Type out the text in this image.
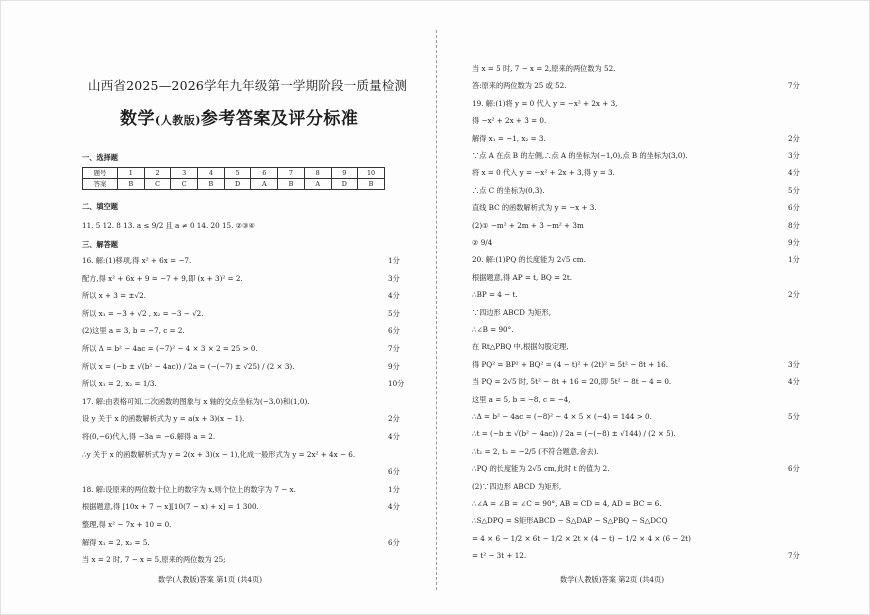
山西省2025—2026学年九年级第一学期阶段一质量检测
数学(人教版)参考答案及评分标准
一、选择题
题号	1	2	3	4	5	6	7	8	9	10
答案	B	C	C	B	D	A	B	A	D	B
二、填空题
11. 5 12. 8 13. a ≤ 9/2 且 a ≠ 0 14. 20 15. ②③④
三、解答题
16. 解:(1)移项,得 x² + 6x = −7.	1分
配方,得 x² + 6x + 9 = −7 + 9,即 (x + 3)² = 2.	3分
所以 x + 3 = ±√2.	4分
所以 x₁ = −3 + √2 , x₂ = −3 − √2.	5分
(2)这里 a = 3, b = −7, c = 2.	6分
所以 Δ = b² − 4ac = (−7)² − 4 × 3 × 2 = 25 > 0.	7分
所以 x = (−b ± √(b² − 4ac)) / 2a = (−(−7) ± √25) / (2 × 3).	9分
所以 x₁ = 2, x₂ = 1/3.	10分
17. 解:由表格可知,二次函数的图象与 x 轴的交点坐标为(−3,0)和(1,0).
设 y 关于 x 的函数解析式为 y = a(x + 3)(x − 1).	2分
将(0,−6)代入,得 −3a = −6.解得 a = 2.	4分
∴y 关于 x 的函数解析式为 y = 2(x + 3)(x − 1),化成一般形式为 y = 2x² + 4x − 6.
6分
18. 解:设原来的两位数十位上的数字为 x,则个位上的数字为 7 − x.	1分
根据题意,得 [10x + 7 − x][10(7 − x) + x] = 1 300.	4分
整理,得 x² − 7x + 10 = 0.
解得 x₁ = 2, x₂ = 5.	6分
当 x = 2 时, 7 − x = 5,原来的两位数为 25;
数学(人教版)答案 第1页 (共4页)
当 x = 5 时, 7 − x = 2,原来的两位数为 52.
答:原来的两位数为 25 或 52.	7分
19. 解:(1)将 y = 0 代入 y = −x² + 2x + 3,
得 −x² + 2x + 3 = 0.
解得 x₁ = −1, x₂ = 3.	2分
∵点 A 在点 B 的左侧,∴点 A 的坐标为(−1,0),点 B 的坐标为(3,0).	3分
将 x = 0 代入 y = −x² + 2x + 3,得 y = 3.	4分
∴点 C 的坐标为(0,3).	5分
直线 BC 的函数解析式为 y = −x + 3.	6分
(2)① −m² + 2m + 3 −m² + 3m	8分
② 9/4	9分
20. 解:(1)PQ 的长度能为 2√5 cm.	1分
根据题意,得 AP = t, BQ = 2t.
∴BP = 4 − t.	2分
∵四边形 ABCD 为矩形,
∴∠B = 90°.
在 Rt△PBQ 中,根据勾股定理,
得 PQ² = BP² + BQ² = (4 − t)² + (2t)² = 5t² − 8t + 16.	3分
当 PQ = 2√5 时, 5t² − 8t + 16 = 20,即 5t² − 8t − 4 = 0.	4分
这里 a = 5, b = −8, c = −4,
∴Δ = b² − 4ac = (−8)² − 4 × 5 × (−4) = 144 > 0.	5分
∴t = (−b ± √(b² − 4ac)) / 2a = (−(−8) ± √144) / (2 × 5).
∴t₁ = 2, t₂ = −2/5 (不符合题意,舍去).
∴PQ 的长度能为 2√5 cm,此时 t 的值为 2.	6分
(2)∵四边形 ABCD 为矩形,
∴∠A = ∠B = ∠C = 90°, AB = CD = 4, AD = BC = 6.
∴S△DPQ = S矩形ABCD − S△DAP − S△PBQ − S△DCQ
= 4 × 6 − 1/2 × 6t − 1/2 × 2t × (4 − t) − 1/2 × 4 × (6 − 2t)
= t² − 3t + 12.	7分
数学(人教版)答案 第2页 (共4页)
